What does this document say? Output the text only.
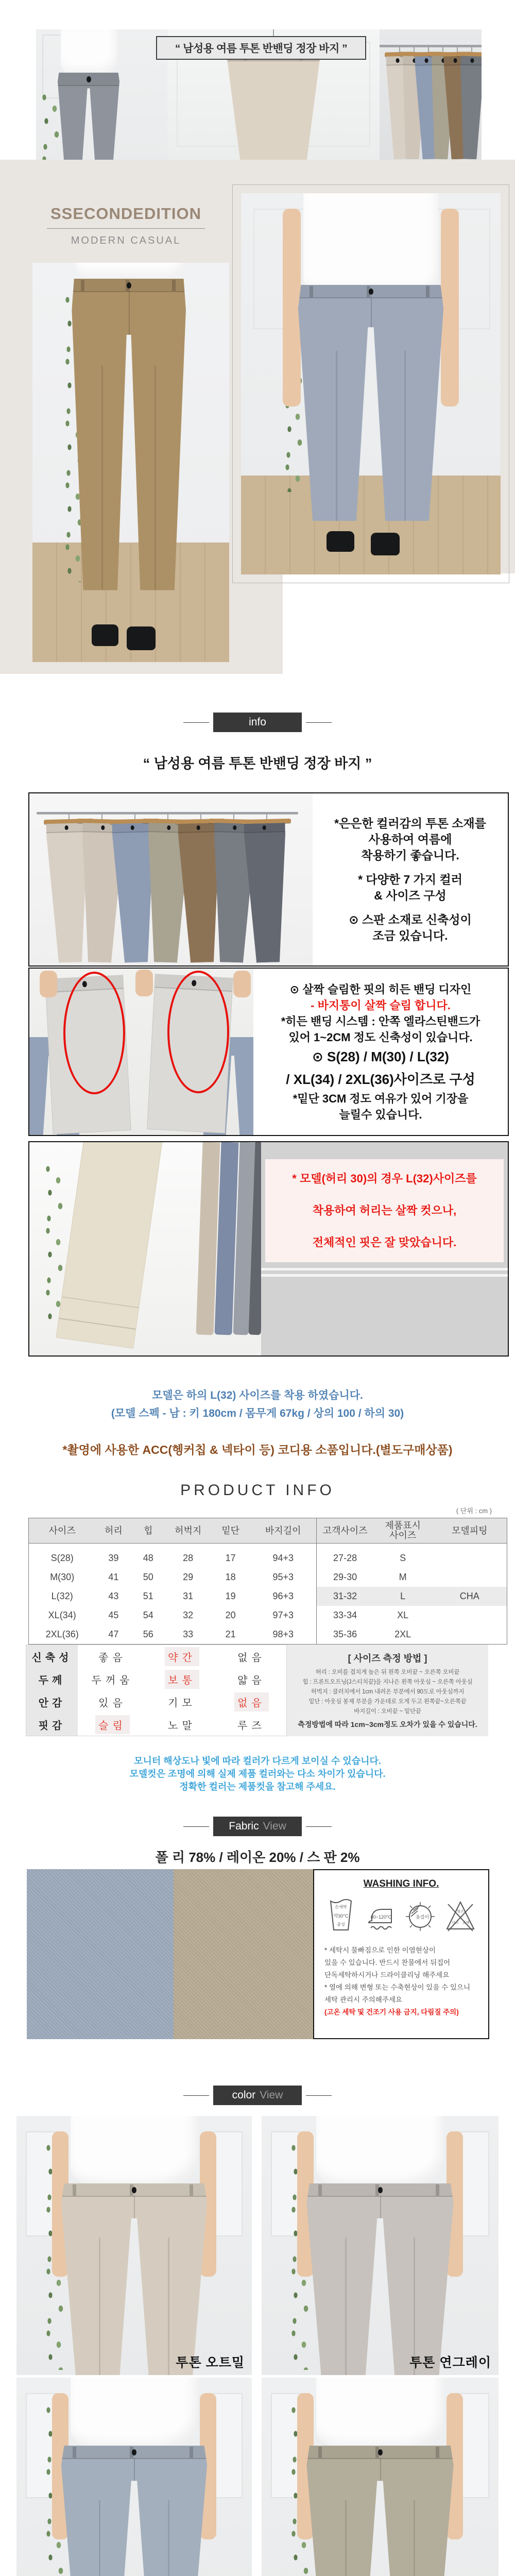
“ 남성용 여름 투톤 반밴딩 정장 바지 ”
SSECONDEDITION
MODERN CASUAL
info
“ 남성용 여름 투톤 반밴딩 정장 바지 ”
*은은한 컬러감의 투톤 소재를
사용하여 여름에
착용하기 좋습니다.
* 다양한 7 가지 컬러
& 사이즈 구성
⊙ 스판 소재로 신축성이
조금 있습니다.
⊙ 살짝 슬림한 핏의 히든 밴딩 디자인
- 바지통이 살짝 슬림 합니다.
*히든 밴딩 시스템 : 안쪽 엘라스틴밴드가
있어 1~2CM 정도 신축성이 있습니다.
⊙ S(28) / M(30) / L(32)
/ XL(34) / 2XL(36)사이즈로 구성
*밑단 3CM 정도 여유가 있어 기장을
늘릴수 있습니다.
* 모델(허리 30)의 경우 L(32)사이즈를
착용하여 허리는 살짝 컷으나,
전체적인 핏은 잘 맞았습니다.
모델은 하의 L(32) 사이즈를 착용 하였습니다.
(모델 스펙 - 남 : 키 180cm / 몸무게 67kg / 상의 100 / 하의 30)
*촬영에 사용한 ACC(헹커칩 & 넥타이 등) 코디용 소품입니다.(별도구매상품)
PRODUCT INFO
( 단위 : cm )
사이즈	허리	힙	허벅지	밑단	바지길이	고객사이즈	제품표시
사이즈	모델피팅
S(28)	39	48	28	17	94+3	27-28	S	
M(30)	41	50	29	18	95+3	29-30	M	
L(32)	43	51	31	19	96+3	31-32	L	CHA
XL(34)	45	54	32	20	97+3	33-34	XL	
2XL(36)	47	56	33	21	98+3	35-36	2XL	
신축성	좋음	약간	없음
두께	두꺼움	보통	얇음
안감	있음	기모	없음
핏감	슬림	노말	루즈
[ 사이즈 측정 방법 ]
허리 : 오비를 겹치게 높은 뒤 왼쪽 오비끝 ~ 오른쪽 오비끝
힙 : 프론트오프닝(J스티치끝)을 지나은 왼쪽 아웃심 ~ 오른쪽 아웃심
허벅지 : 클러치에서 1cm 내려온 부분에서 90도로 아웃심까지
밑단 : 아웃심 봉제 부분을 가운데로 오게 두고 왼쪽끝~오른쪽끝
바지길이 : 오비끝 ~ 밑단끝
측정방법에 따라 1cm~3cm정도 오차가 있을 수 있습니다.
모니터 해상도나 빛에 따라 컬러가 다르게 보이실 수 있습니다.
모델컷은 조명에 의해 실제 제품 컬러와는 다소 차이가 있습니다.
정확한 컬러는 제품컷을 참고해 주세요.
Fabric View
폴 리 78% / 레이온 20% / 스 판 2%
WASHING INFO.
손세탁
약30°C
중성
80~120°C	옷걸이
염소
산소 표백
* 세탁시 물빠짐으로 인한 이염현상이
있을 수 있습니다. 반드시 찬물에서 뒤집어
단독세탁하시거나 드라이클리닝 해주세요
* 열에 의해 변형 또는 수축현상이 있을 수 있으니
세탁 관리시 주의해주세요
(고온 세탁 및 건조기 사용 금지, 다림질 주의)
color View
투톤 오트밀	투톤 연그레이
